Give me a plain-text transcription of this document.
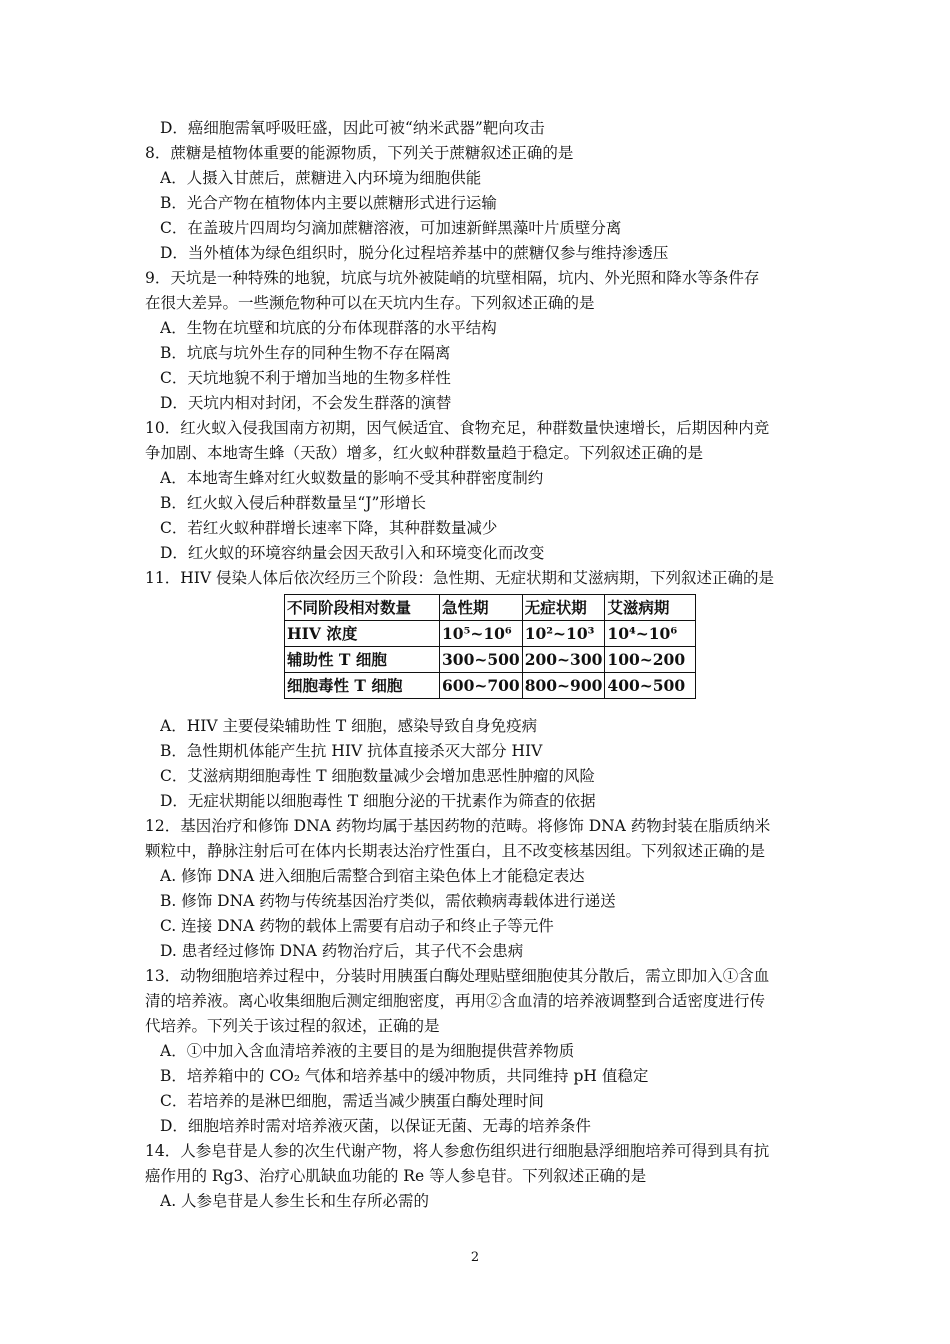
D．癌细胞需氧呼吸旺盛，因此可被“纳米武器”靶向攻击
8．蔗糖是植物体重要的能源物质，下列关于蔗糖叙述正确的是
A．人摄入甘蔗后，蔗糖进入内环境为细胞供能
B．光合产物在植物体内主要以蔗糖形式进行运输
C．在盖玻片四周均匀滴加蔗糖溶液，可加速新鲜黑藻叶片质壁分离
D．当外植体为绿色组织时，脱分化过程培养基中的蔗糖仅参与维持渗透压
9．天坑是一种特殊的地貌，坑底与坑外被陡峭的坑壁相隔，坑内、外光照和降水等条件存
在很大差异。一些濒危物种可以在天坑内生存。下列叙述正确的是
A．生物在坑壁和坑底的分布体现群落的水平结构
B．坑底与坑外生存的同种生物不存在隔离
C．天坑地貌不利于增加当地的生物多样性
D．天坑内相对封闭，不会发生群落的演替
10．红火蚁入侵我国南方初期，因气候适宜、食物充足，种群数量快速增长，后期因种内竞
争加剧、本地寄生蜂（天敌）增多，红火蚁种群数量趋于稳定。下列叙述正确的是
A．本地寄生蜂对红火蚁数量的影响不受其种群密度制约
B．红火蚁入侵后种群数量呈“J”形增长
C．若红火蚁种群增长速率下降，其种群数量减少
D．红火蚁的环境容纳量会因天敌引入和环境变化而改变
11．HIV 侵染人体后依次经历三个阶段：急性期、无症状期和艾滋病期，下列叙述正确的是
不同阶段相对数量	急性期	无症状期	艾滋病期
HIV 浓度	10⁵~10⁶	10²~10³	10⁴~10⁶
辅助性 T 细胞	300~500	200~300	100~200
细胞毒性 T 细胞	600~700	800~900	400~500
A．HIV 主要侵染辅助性 T 细胞，感染导致自身免疫病
B．急性期机体能产生抗 HIV 抗体直接杀灭大部分 HIV
C．艾滋病期细胞毒性 T 细胞数量减少会增加患恶性肿瘤的风险
D．无症状期能以细胞毒性 T 细胞分泌的干扰素作为筛查的依据
12．基因治疗和修饰 DNA 药物均属于基因药物的范畴。将修饰 DNA 药物封装在脂质纳米
颗粒中，静脉注射后可在体内长期表达治疗性蛋白，且不改变核基因组。下列叙述正确的是
A. 修饰 DNA 进入细胞后需整合到宿主染色体上才能稳定表达
B. 修饰 DNA 药物与传统基因治疗类似，需依赖病毒载体进行递送
C. 连接 DNA 药物的载体上需要有启动子和终止子等元件
D. 患者经过修饰 DNA 药物治疗后，其子代不会患病
13．动物细胞培养过程中，分装时用胰蛋白酶处理贴壁细胞使其分散后，需立即加入①含血
清的培养液。离心收集细胞后测定细胞密度，再用②含血清的培养液调整到合适密度进行传
代培养。下列关于该过程的叙述，正确的是
A．①中加入含血清培养液的主要目的是为细胞提供营养物质
B．培养箱中的 CO₂ 气体和培养基中的缓冲物质，共同维持 pH 值稳定
C．若培养的是淋巴细胞，需适当减少胰蛋白酶处理时间
D．细胞培养时需对培养液灭菌，以保证无菌、无毒的培养条件
14．人参皂苷是人参的次生代谢产物，将人参愈伤组织进行细胞悬浮细胞培养可得到具有抗
癌作用的 Rg3、治疗心肌缺血功能的 Re 等人参皂苷。下列叙述正确的是
A. 人参皂苷是人参生长和生存所必需的
2
